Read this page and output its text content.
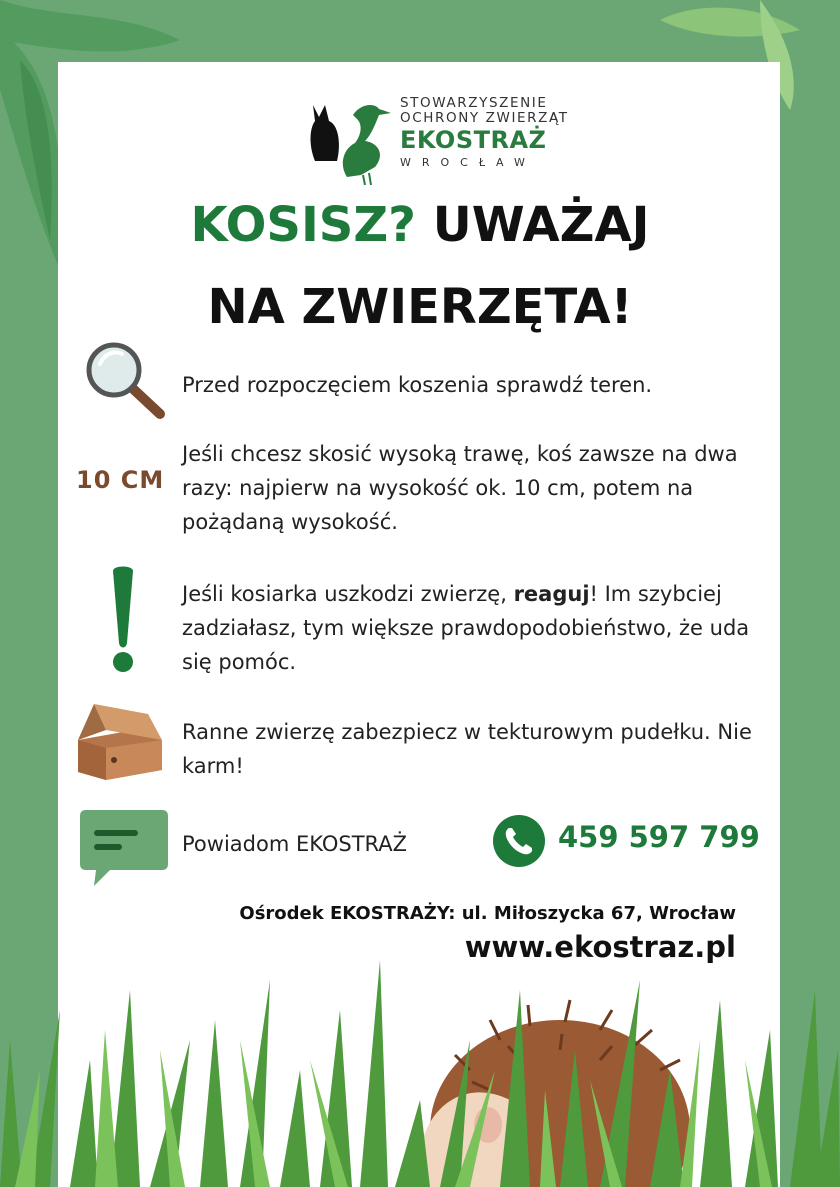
STOWARZYSZENIE
OCHRONY ZWIERZĄT
EKOSTRAŻ
WROCŁAW
KOSISZ? UWAŻAJ
NA ZWIERZĘTA!
Przed rozpoczęciem koszenia sprawdź teren.
10 CM
Jeśli chcesz skosić wysoką trawę, koś zawsze na dwa razy: najpierw na wysokość ok. 10 cm, potem na pożądaną wysokość.
Jeśli kosiarka uszkodzi zwierzę, reaguj! Im szybciej zadziałasz, tym większe prawdopodobieństwo, że uda się pomóc.
Ranne zwierzę zabezpiecz w tekturowym pudełku. Nie karm!
Powiadom EKOSTRAŻ	459 597 799
Ośrodek EKOSTRAŻY: ul. Miłoszycka 67, Wrocław
www.ekostraz.pl
